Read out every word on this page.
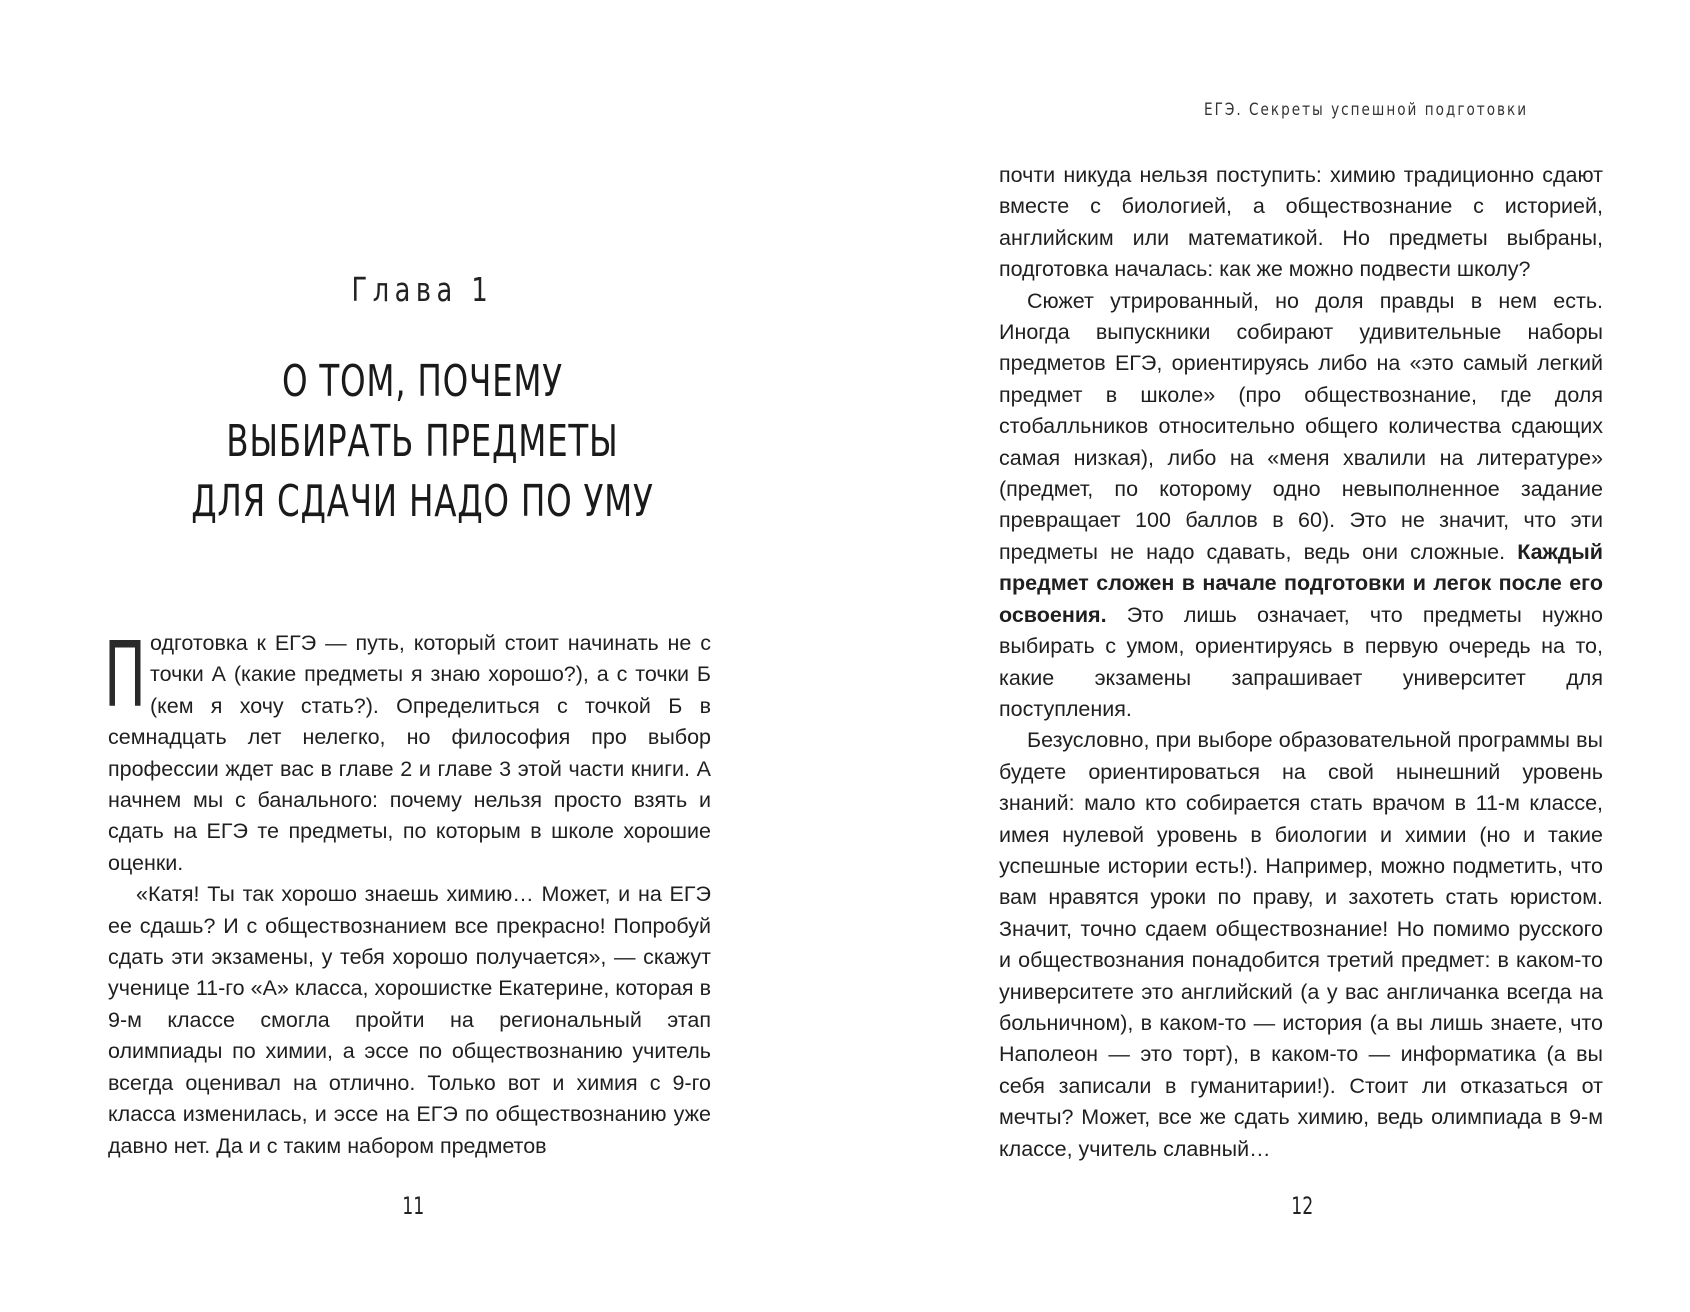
Глава 1
О ТОМ, ПОЧЕМУ
ВЫБИРАТЬ ПРЕДМЕТЫ
ДЛЯ СДАЧИ НАДО ПО УМУ

Подготовка к ЕГЭ — путь, который стоит начинать не с точки А (какие предметы я знаю хорошо?), а с точки Б (кем я хочу стать?). Определиться с точкой Б в семнадцать лет нелегко, но философия про выбор профессии ждет вас в главе 2 и главе 3 этой части книги. А начнем мы с банального: почему нельзя просто взять и сдать на ЕГЭ те предметы, по которым в школе хорошие оценки.

«Катя! Ты так хорошо знаешь химию… Может, и на ЕГЭ ее сдашь? И с обществознанием все прекрасно! Попробуй сдать эти экзамены, у тебя хорошо получается», — скажут ученице 11-го «А» класса, хорошистке Екатерине, которая в 9-м классе смогла пройти на региональный этап олимпиады по химии, а эссе по обществознанию учитель всегда оценивал на отлично. Только вот и химия с 9-го класса изменилась, и эссе на ЕГЭ по обществознанию уже давно нет. Да и с таким набором предметов

11
ЕГЭ. Секреты успешной подготовки

почти никуда нельзя поступить: химию традиционно сдают вместе с биологией, а обществознание с историей, английским или математикой. Но предметы выбраны, подготовка началась: как же можно подвести школу?

Сюжет утрированный, но доля правды в нем есть. Иногда выпускники собирают удивительные наборы предметов ЕГЭ, ориентируясь либо на «это самый легкий предмет в школе» (про обществознание, где доля стобалльников относительно общего количества сдающих самая низкая), либо на «меня хвалили на литературе» (предмет, по которому одно невыполненное задание превращает 100 баллов в 60). Это не значит, что эти предметы не надо сдавать, ведь они сложные. Каждый предмет сложен в начале подготовки и легок после его освоения. Это лишь означает, что предметы нужно выбирать с умом, ориентируясь в первую очередь на то, какие экзамены запрашивает университет для поступления.

Безусловно, при выборе образовательной программы вы будете ориентироваться на свой нынешний уровень знаний: мало кто собирается стать врачом в 11-м классе, имея нулевой уровень в биологии и химии (но и такие успешные истории есть!). Например, можно подметить, что вам нравятся уроки по праву, и захотеть стать юристом. Значит, точно сдаем обществознание! Но помимо русского и обществознания понадобится третий предмет: в каком-то университете это английский (а у вас англичанка всегда на больничном), в каком-то — история (а вы лишь знаете, что Наполеон — это торт), в каком-то — информатика (а вы себя записали в гуманитарии!). Стоит ли отказаться от мечты? Может, все же сдать химию, ведь олимпиада в 9-м классе, учитель славный…

12
